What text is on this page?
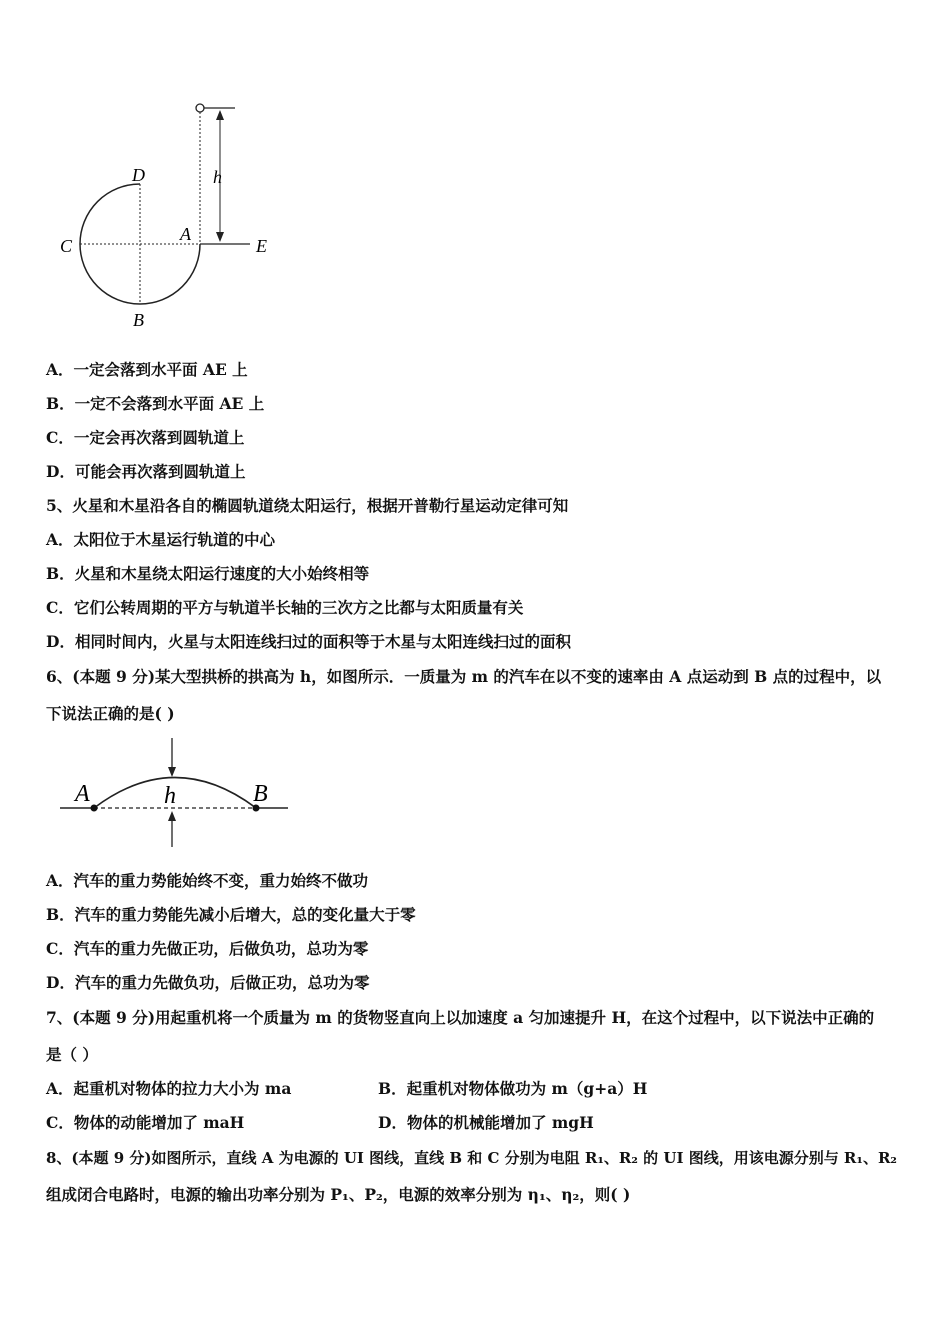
h
D
C
A
E
B
A．一定会落到水平面 AE 上
B．一定不会落到水平面 AE 上
C．一定会再次落到圆轨道上
D．可能会再次落到圆轨道上
5、火星和木星沿各自的椭圆轨道绕太阳运行，根据开普勒行星运动定律可知
A．太阳位于木星运行轨道的中心
B．火星和木星绕太阳运行速度的大小始终相等
C．它们公转周期的平方与轨道半长轴的三次方之比都与太阳质量有关
D．相同时间内，火星与太阳连线扫过的面积等于木星与太阳连线扫过的面积
6、(本题 9 分)某大型拱桥的拱高为 h，如图所示．一质量为 m 的汽车在以不变的速率由 A 点运动到 B 点的过程中，以
下说法正确的是( )
A	h	B
A．汽车的重力势能始终不变，重力始终不做功
B．汽车的重力势能先减小后增大，总的变化量大于零
C．汽车的重力先做正功，后做负功，总功为零
D．汽车的重力先做负功，后做正功，总功为零
7、(本题 9 分)用起重机将一个质量为 m 的货物竖直向上以加速度 a 匀加速提升 H，在这个过程中，以下说法中正确的
是（ ）
A．起重机对物体的拉力大小为 ma	B．起重机对物体做功为 m（g+a）H
C．物体的动能增加了 maH	D．物体的机械能增加了 mgH
8、(本题 9 分)如图所示，直线 A 为电源的 UI 图线，直线 B 和 C 分别为电阻 R₁、R₂ 的 UI 图线，用该电源分别与 R₁、R₂
组成闭合电路时，电源的输出功率分别为 P₁、P₂，电源的效率分别为 η₁、η₂，则( )
